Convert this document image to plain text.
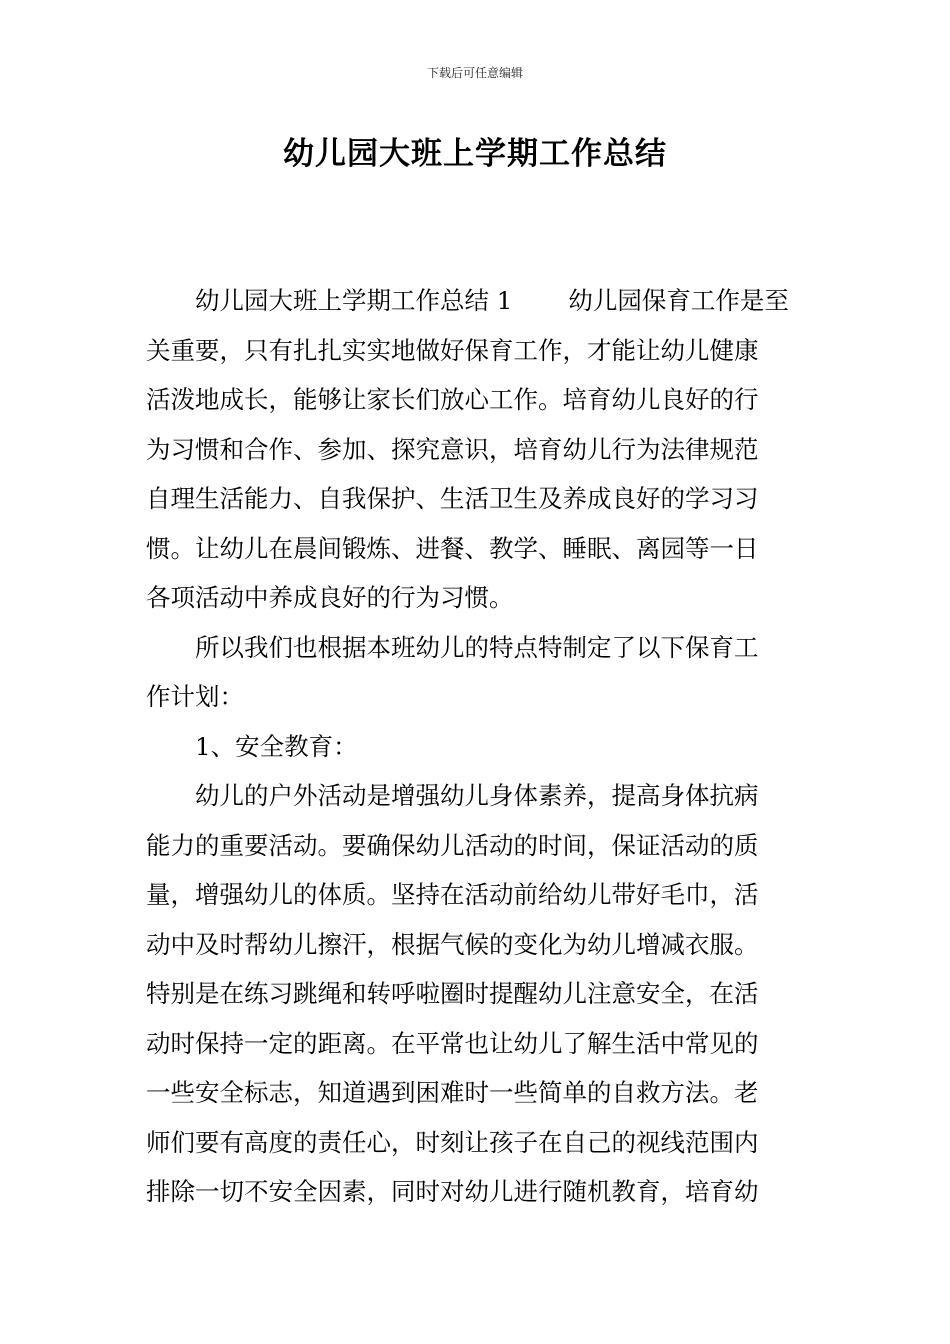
下载后可任意编辑
幼儿园大班上学期工作总结
幼儿园大班上学期工作总结 1 幼儿园保育工作是至
关重要，只有扎扎实实地做好保育工作，才能让幼儿健康
活泼地成长，能够让家长们放心工作。培育幼儿良好的行
为习惯和合作、参加、探究意识，培育幼儿行为法律规范
自理生活能力、自我保护、生活卫生及养成良好的学习习
惯。让幼儿在晨间锻炼、进餐、教学、睡眠、离园等一日
各项活动中养成良好的行为习惯。
所以我们也根据本班幼儿的特点特制定了以下保育工
作计划：
1、安全教育：
幼儿的户外活动是增强幼儿身体素养，提高身体抗病
能力的重要活动。要确保幼儿活动的时间，保证活动的质
量，增强幼儿的体质。坚持在活动前给幼儿带好毛巾，活
动中及时帮幼儿擦汗，根据气候的变化为幼儿增减衣服。
特别是在练习跳绳和转呼啦圈时提醒幼儿注意安全，在活
动时保持一定的距离。在平常也让幼儿了解生活中常见的
一些安全标志，知道遇到困难时一些简单的自救方法。老
师们要有高度的责任心，时刻让孩子在自己的视线范围内
排除一切不安全因素，同时对幼儿进行随机教育，培育幼
